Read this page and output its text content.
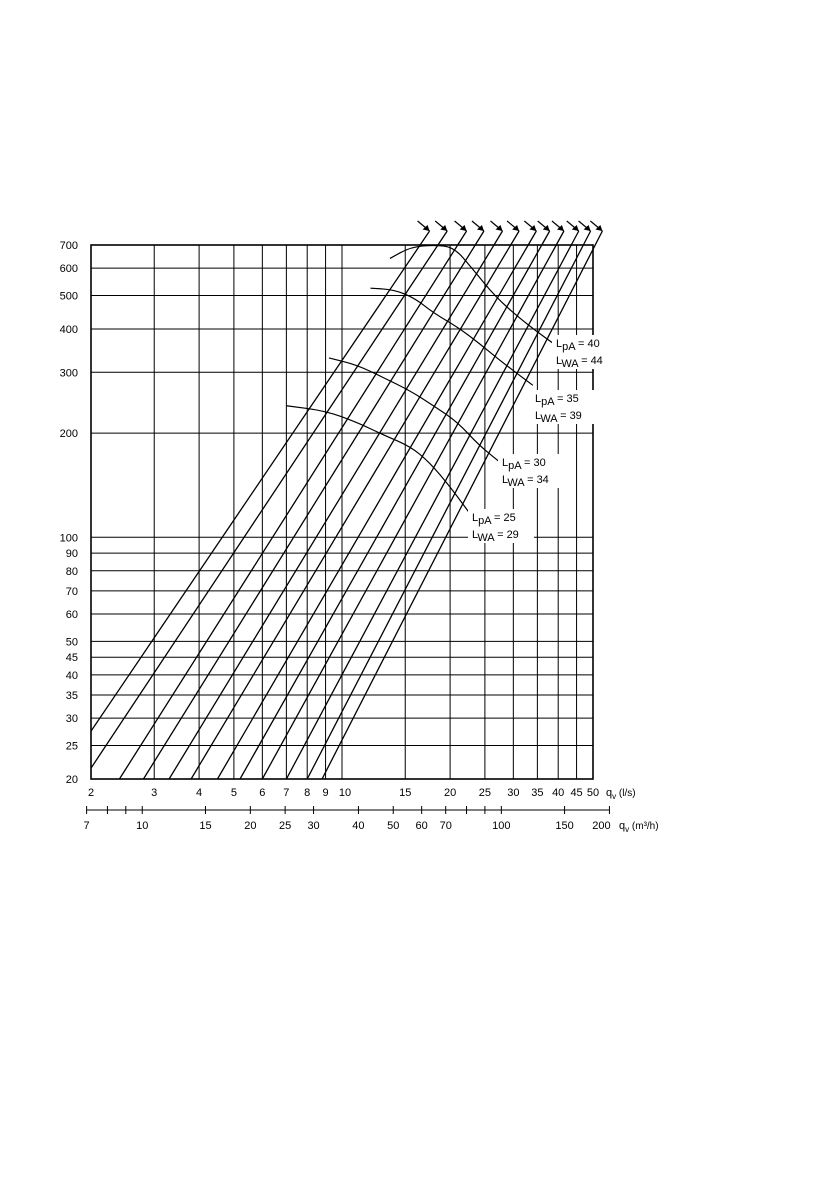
20
25
30
35
40
45
50
60
70
80
90
100
200
300
400
500
600
700
2	3	4	5 6 7 8 9 10	15	20 25 30 35 40 45 50 $q_v$ (l/s)
7	10	15	20 25 30	40 50 60 70	100	150 200 $q_v$ (m³/h)
LpA = 40
LWA = 44
LpA = 35
LWA = 39
LpA = 30
LWA = 34
LpA = 25
LWA = 29
